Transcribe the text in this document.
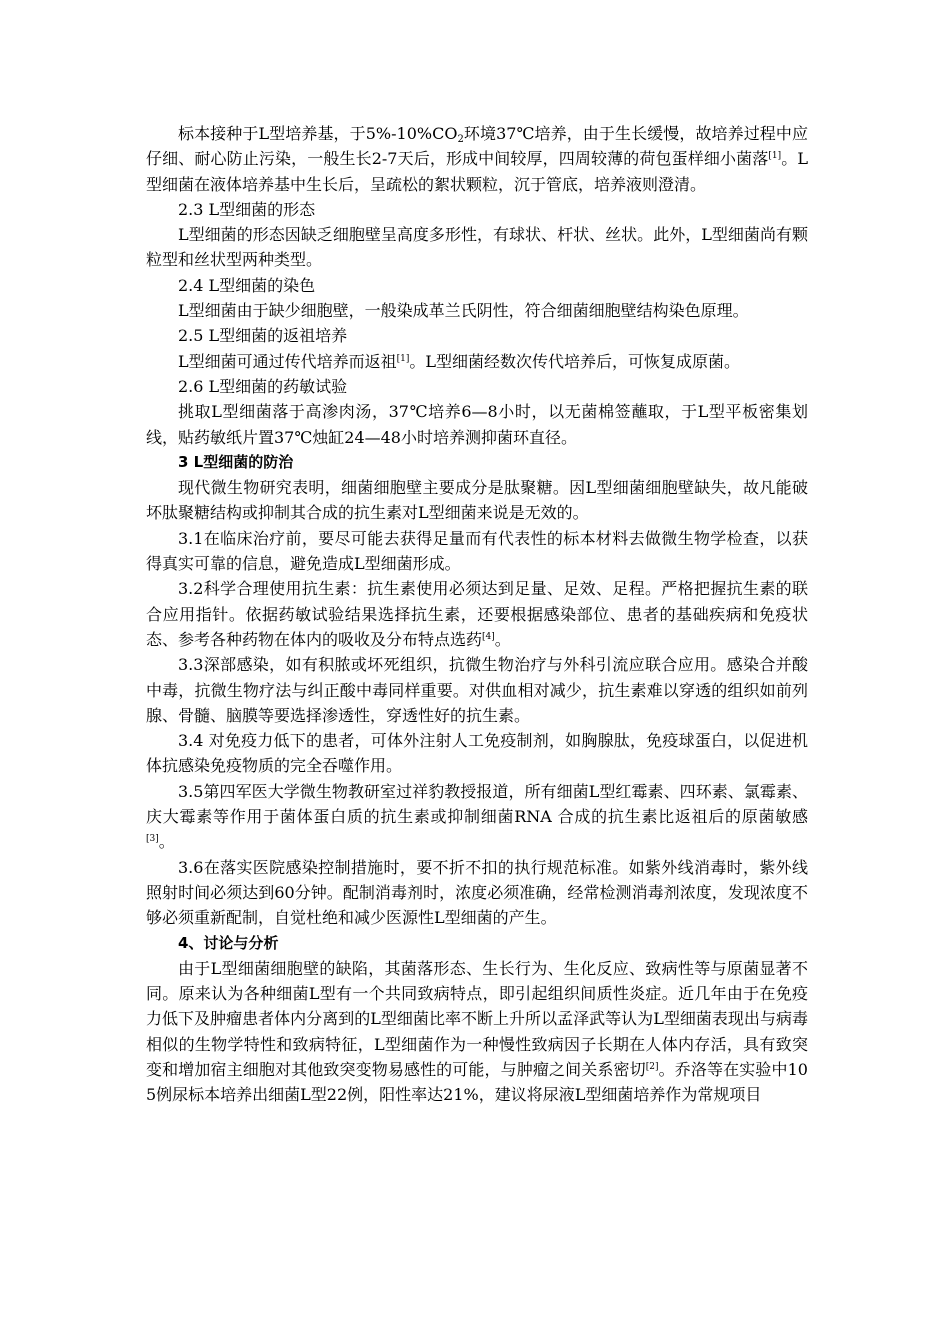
标本接种于L型培养基，于$5\%-10\%CO_2$环境37℃培养，由于生长缓慢，故培养过程中应仔细、耐心防止污染，一般生长2-7天后，形成中间较厚，四周较薄的荷包蛋样细小菌落[1]。L 型细菌在液体培养基中生长后，呈疏松的絮状颗粒，沉于管底，培养液则澄清。

2.3 L型细菌的形态

L型细菌的形态因缺乏细胞壁呈高度多形性，有球状、杆状、丝状。此外，L型细菌尚有颗粒型和丝状型两种类型。

2.4 L型细菌的染色

L型细菌由于缺少细胞壁，一般染成革兰氏阴性，符合细菌细胞壁结构染色原理。

2.5 L型细菌的返祖培养

L型细菌可通过传代培养而返祖[1]。L型细菌经数次传代培养后，可恢复成原菌。

2.6 L型细菌的药敏试验

挑取L型细菌落于高渗肉汤，37℃培养6—8小时，以无菌棉签蘸取，于L型平板密集划线，贴药敏纸片置37℃烛缸24—48小时培养测抑菌环直径。

3 L型细菌的防治

现代微生物研究表明，细菌细胞壁主要成分是肽聚糖。因L型细菌细胞壁缺失，故凡能破坏肽聚糖结构或抑制其合成的抗生素对L型细菌来说是无效的。

3.1在临床治疗前，要尽可能去获得足量而有代表性的标本材料去做微生物学检查，以获得真实可靠的信息，避免造成L型细菌形成。

3.2科学合理使用抗生素：抗生素使用必须达到足量、足效、足程。严格把握抗生素的联合应用指针。依据药敏试验结果选择抗生素，还要根据感染部位、患者的基础疾病和免疫状态、参考各种药物在体内的吸收及分布特点选药[4]。

3.3深部感染，如有积脓或坏死组织，抗微生物治疗与外科引流应联合应用。感染合并酸中毒，抗微生物疗法与纠正酸中毒同样重要。对供血相对减少，抗生素难以穿透的组织如前列腺、骨髓、脑膜等要选择渗透性，穿透性好的抗生素。

3.4 对免疫力低下的患者，可体外注射人工免疫制剂，如胸腺肽，免疫球蛋白，以促进机体抗感染免疫物质的完全吞噬作用。

3.5第四军医大学微生物教研室过祥豹教授报道，所有细菌L型红霉素、四环素、氯霉素、庆大霉素等作用于菌体蛋白质的抗生素或抑制细菌RNA 合成的抗生素比返祖后的原菌敏感[3]。

3.6在落实医院感染控制措施时，要不折不扣的执行规范标准。如紫外线消毒时，紫外线照射时间必须达到60分钟。配制消毒剂时，浓度必须准确，经常检测消毒剂浓度，发现浓度不够必须重新配制，自觉杜绝和减少医源性L型细菌的产生。

4、讨论与分析

由于L型细菌细胞壁的缺陷，其菌落形态、生长行为、生化反应、致病性等与原菌显著不同。原来认为各种细菌L型有一个共同致病特点，即引起组织间质性炎症。近几年由于在免疫力低下及肿瘤患者体内分离到的L型细菌比率不断上升所以孟泽武等认为L型细菌表现出与病毒相似的生物学特性和致病特征，L型细菌作为一种慢性致病因子长期在人体内存活，具有致突变和增加宿主细胞对其他致突变物易感性的可能，与肿瘤之间关系密切[2]。乔洛等在实验中105例尿标本培养出细菌L型22例，阳性率达21%，建议将尿液L型细菌培养作为常规项目
